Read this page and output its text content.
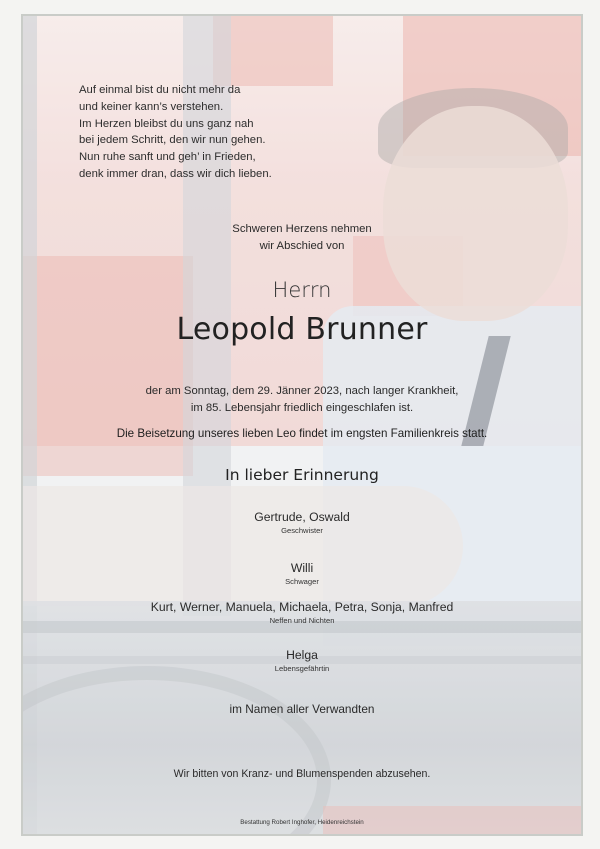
Auf einmal bist du nicht mehr da
und keiner kann’s verstehen.
Im Herzen bleibst du uns ganz nah
bei jedem Schritt, den wir nun gehen.
Nun ruhe sanft und geh’ in Frieden,
denk immer dran, dass wir dich lieben.
Schweren Herzens nehmen
wir Abschied von
Herrn
Leopold Brunner
der am Sonntag, dem 29. Jänner 2023, nach langer Krankheit,
im 85. Lebensjahr friedlich eingeschlafen ist.
Die Beisetzung unseres lieben Leo findet im engsten Familienkreis statt.
In lieber Erinnerung
Gertrude, Oswald
Geschwister
Willi
Schwager
Kurt, Werner, Manuela, Michaela, Petra, Sonja, Manfred
Neffen und Nichten
Helga
Lebensgefährtin
im Namen aller Verwandten
Wir bitten von Kranz- und Blumenspenden abzusehen.
Bestattung Robert Inghofer, Heidenreichstein
